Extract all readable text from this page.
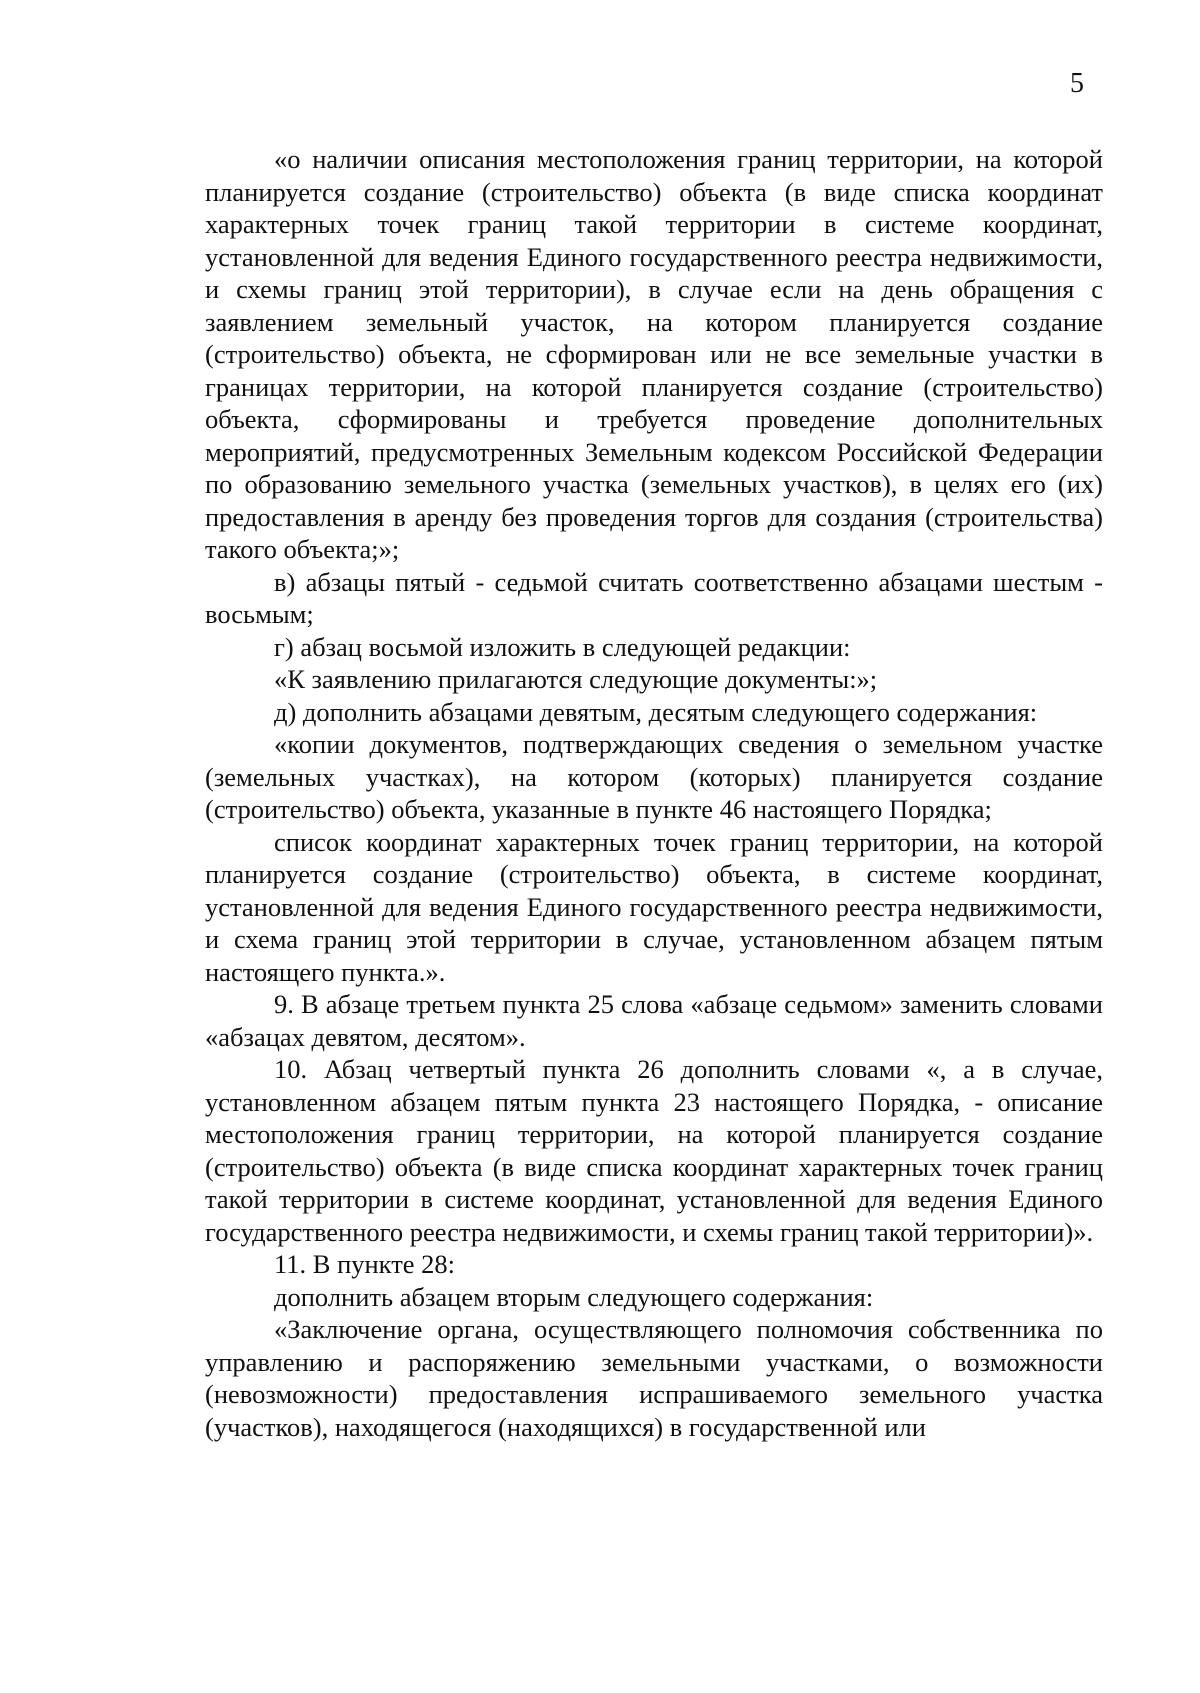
5

«о наличии описания местоположения границ территории, на которой планируется создание (строительство) объекта (в виде списка координат характерных точек границ такой территории в системе координат, установленной для ведения Единого государственного реестра недвижимости, и схемы границ этой территории), в случае если на день обращения с заявлением земельный участок, на котором планируется создание (строительство) объекта, не сформирован или не все земельные участки в границах территории, на которой планируется создание (строительство) объекта, сформированы и требуется проведение дополнительных мероприятий, предусмотренных Земельным кодексом Российской Федерации по образованию земельного участка (земельных участков), в целях его (их) предоставления в аренду без проведения торгов для создания (строительства) такого объекта;»;

в) абзацы пятый - седьмой считать соответственно абзацами шестым - восьмым;

г) абзац восьмой изложить в следующей редакции:

«К заявлению прилагаются следующие документы:»;

д) дополнить абзацами девятым, десятым следующего содержания:

«копии документов, подтверждающих сведения о земельном участке (земельных участках), на котором (которых) планируется создание (строительство) объекта, указанные в пункте 46 настоящего Порядка;

список координат характерных точек границ территории, на которой планируется создание (строительство) объекта, в системе координат, установленной для ведения Единого государственного реестра недвижимости, и схема границ этой территории в случае, установленном абзацем пятым настоящего пункта.».

9. В абзаце третьем пункта 25 слова «абзаце седьмом» заменить словами «абзацах девятом, десятом».

10. Абзац четвертый пункта 26 дополнить словами «, а в случае, установленном абзацем пятым пункта 23 настоящего Порядка, - описание местоположения границ территории, на которой планируется создание (строительство) объекта (в виде списка координат характерных точек границ такой территории в системе координат, установленной для ведения Единого государственного реестра недвижимости, и схемы границ такой территории)».

11. В пункте 28:

дополнить абзацем вторым следующего содержания:

«Заключение органа, осуществляющего полномочия собственника по управлению и распоряжению земельными участками, о возможности (невозможности) предоставления испрашиваемого земельного участка (участков), находящегося (находящихся) в государственной или
